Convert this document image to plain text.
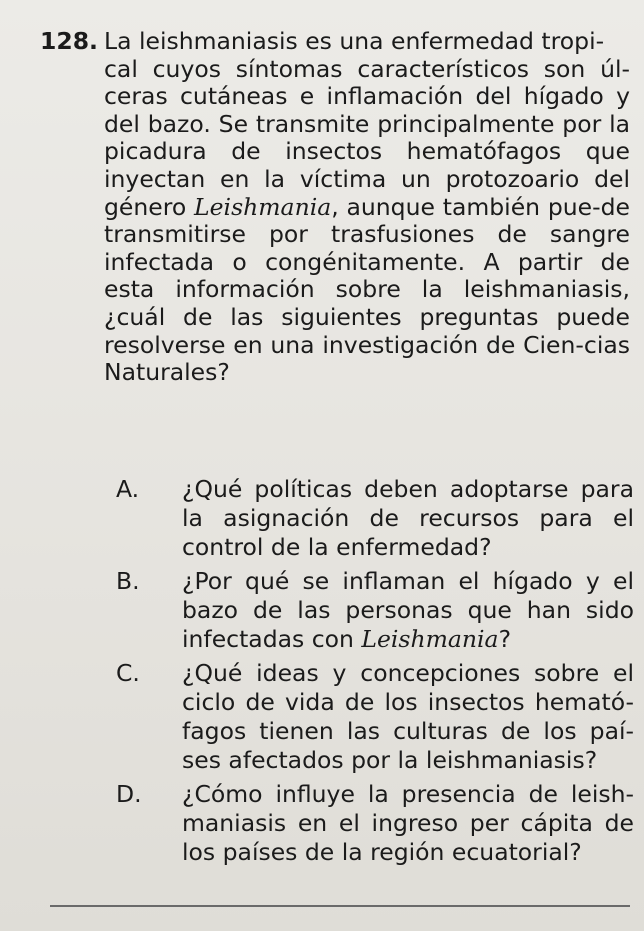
128. La leishmaniasis es una enfermedad tropi-
cal cuyos síntomas característicos son úl-ceras cutáneas e inflamación del hígado y del bazo. Se transmite principalmente por la picadura de insectos hematófagos que inyectan en la víctima un protozoario del género Leishmania, aunque también pue-de transmitirse por trasfusiones de sangre infectada o congénitamente. A partir de esta información sobre la leishmaniasis, ¿cuál de las siguientes preguntas puede resolverse en una investigación de Cien-cias Naturales?
A.	¿Qué políticas deben adoptarse para la asignación de recursos para el control de la enfermedad?
B.	¿Por qué se inflaman el hígado y el bazo de las personas que han sido infectadas con Leishmania?
C.	¿Qué ideas y concepciones sobre el ciclo de vida de los insectos hemató-fagos tienen las culturas de los paí-ses afectados por la leishmaniasis?
D.	¿Cómo influye la presencia de leish-maniasis en el ingreso per cápita de los países de la región ecuatorial?
